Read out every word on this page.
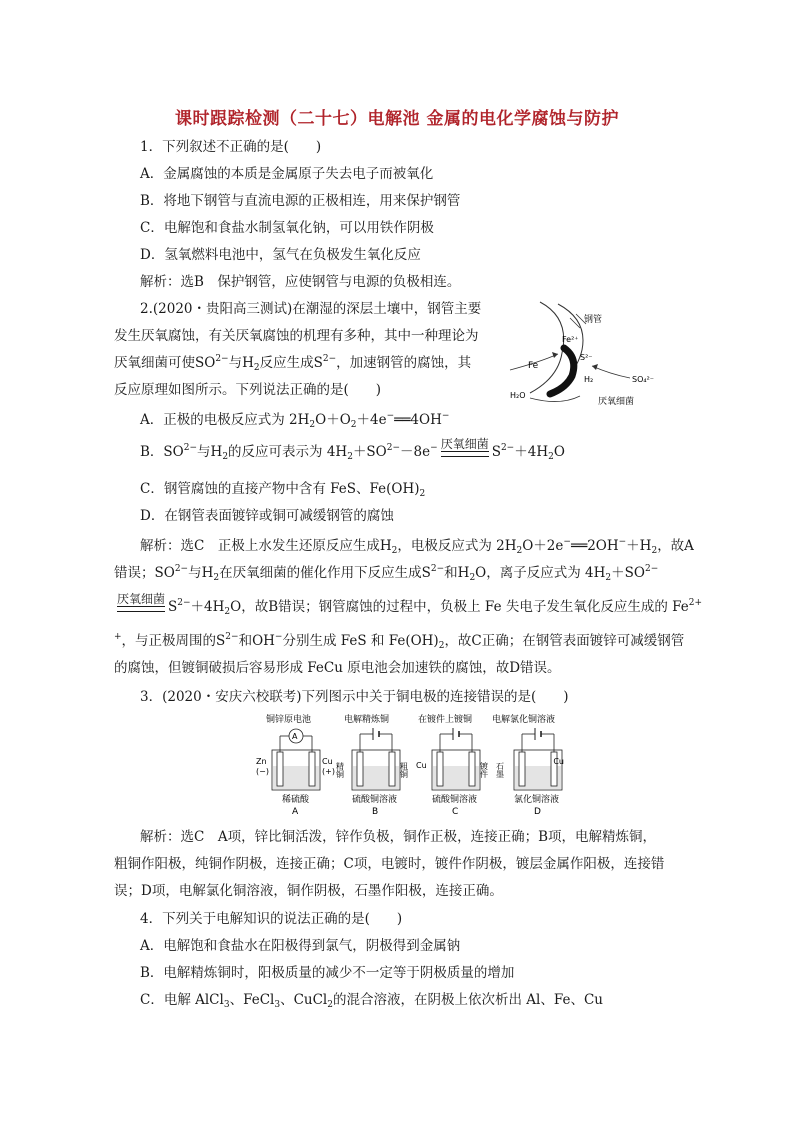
课时跟踪检测（二十七）电解池 金属的电化学腐蚀与防护
1．下列叙述不正确的是(　　)
A．金属腐蚀的本质是金属原子失去电子而被氧化
B．将地下钢管与直流电源的正极相连，用来保护钢管
C．电解饱和食盐水制氢氧化钠，可以用铁作阴极
D．氢氧燃料电池中，氢气在负极发生氧化反应
解析：选B　保护钢管，应使钢管与电源的负极相连。
2.(2020・贵阳高三测试)在潮湿的深层土壤中，钢管主要
发生厌氧腐蚀，有关厌氧腐蚀的机理有多种，其中一种理论为
厌氧细菌可使$SO^{2-}$与$H_2$反应生成$S^{2-}$，加速钢管的腐蚀，其
反应原理如图所示。下列说法正确的是(　　)
钢管
Fe²⁺
S²⁻
Fe
H₂
H₂O
SO₄²⁻
厌氧细菌
A．正极的电极反应式为 $2H_2O+O_2+4e^-══4OH^-$
B．$SO^{2-}$与$H_2$的反应可表示为 $4H_2+SO^{2-}-8e^-$ 厌氧细菌 $S^{2-}+4H_2O$
C．钢管腐蚀的直接产物中含有 FeS、$Fe(OH)_2$
D．在钢管表面镀锌或铜可减缓钢管的腐蚀
解析：选C　正极上水发生还原反应生成$H_2$，电极反应式为 $2H_2O+2e^-══2OH^-+H_2$，故A
错误；$SO^{2-}$与$H_2$在厌氧细菌的催化作用下反应生成$S^{2-}$和$H_2O$，离子反应式为 $4H_2+SO^{2-}$
厌氧细菌 $S^{2-}+4H_2O$，故B错误；钢管腐蚀的过程中，负极上 Fe 失电子发生氧化反应生成的 $Fe^{2+}$
+，与正极周围的$S^{2-}$和OH−分别生成 FeS 和 $Fe(OH)_2$，故C正确；在钢管表面镀锌可减缓钢管
的腐蚀，但镀铜破损后容易形成 FeCu 原电池会加速铁的腐蚀，故D错误。
3．(2020・安庆六校联考)下列图示中关于铜电极的连接错误的是(　　)
铜锌原电池
A
Zn
(−)
Cu
(+)
稀硫酸
A
电解精炼铜
精铜	粗铜
硫酸铜溶液
B
在镀件上镀铜
Cu	镀件
硫酸铜溶液
C
电解氯化铜溶液
石墨
Cu
氯化铜溶液
D
解析：选C　A项，锌比铜活泼，锌作负极，铜作正极，连接正确；B项，电解精炼铜，
粗铜作阳极，纯铜作阴极，连接正确；C项，电镀时，镀件作阴极，镀层金属作阳极，连接错
误；D项，电解氯化铜溶液，铜作阴极，石墨作阳极，连接正确。
4．下列关于电解知识的说法正确的是(　　)
A．电解饱和食盐水在阳极得到氯气，阴极得到金属钠
B．电解精炼铜时，阳极质量的减少不一定等于阴极质量的增加
C．电解 AlCl$_3$、FeCl$_3$、CuCl$_2$的混合溶液，在阴极上依次析出 Al、Fe、Cu
